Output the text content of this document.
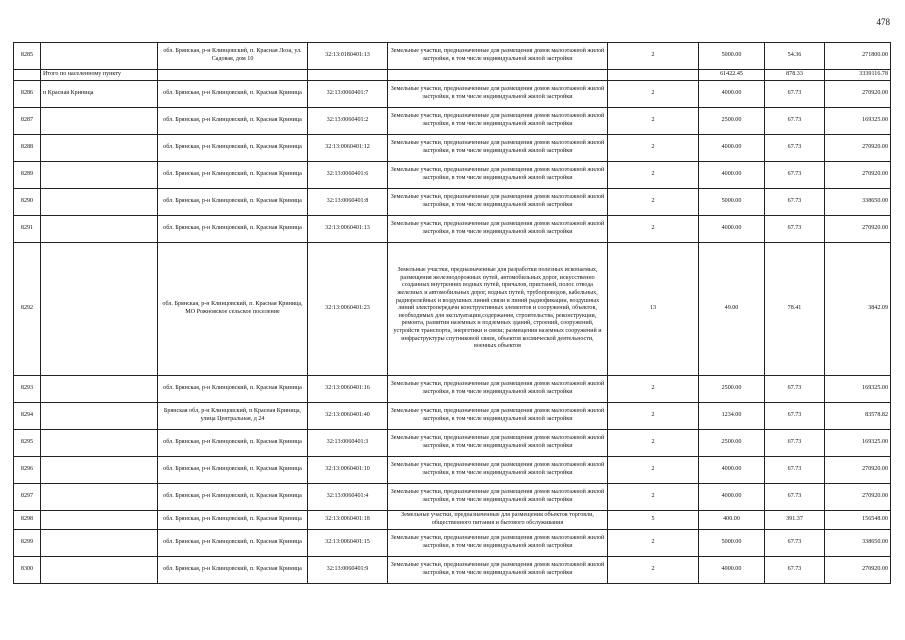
478
8285		обл. Брянская, р-н Клинцовский, п. Красная Лоза, ул. Садовая, дом 10	32:13:0180401:13	Земельные участки, предназначенные для размещения домов малоэтажной жилой застройки, в том числе индивидуальной жилой застройки	2	5000.00	54.36	271800.00
	Итого по населенному пункту					61422.45	878.33	3339116.78
8286	п Красная Криница	обл. Брянская, р-н Клинцовский, п. Красная Криница	32:13:0060401:7	Земельные участки, предназначенные для размещения домов малоэтажной жилой застройки, в том числе индивидуальной жилой застройки	2	4000.00	67.73	270920.00
8287		обл. Брянская, р-н Клинцовский, п. Красная Криница	32:13:0060401:2	Земельные участки, предназначенные для размещения домов малоэтажной жилой застройки, в том числе индивидуальной жилой застройки	2	2500.00	67.73	169325.00
8288		обл. Брянская, р-н Клинцовский, п. Красная Криница	32:13:0060401:12	Земельные участки, предназначенные для размещения домов малоэтажной жилой застройки, в том числе индивидуальной жилой застройки	2	4000.00	67.73	270920.00
8289		обл. Брянская, р-н Клинцовский, п. Красная Криница	32:13:0060401:6	Земельные участки, предназначенные для размещения домов малоэтажной жилой застройки, в том числе индивидуальной жилой застройки	2	4000.00	67.73	270920.00
8290		обл. Брянская, р-н Клинцовский, п. Красная Криница	32:13:0060401:8	Земельные участки, предназначенные для размещения домов малоэтажной жилой застройки, в том числе индивидуальной жилой застройки	2	5000.00	67.73	338650.00
8291		обл. Брянская, р-н Клинцовский, п. Красная Криница	32:13:0060401:13	Земельные участки, предназначенные для размещения домов малоэтажной жилой застройки, в том числе индивидуальной жилой застройки	2	4000.00	67.73	270920.00
8292		обл. Брянская, р-н Клинцовский, п. Красная Криница, МО Рожновское сельское поселение	32:13:0060401:23	Земельные участки, предназначенные для разработки полезных ископаемых, размещения железнодорожных путей, автомобильных дорог, искусственно созданных внутренних водных путей, причалов, пристаней, полос отвода железных и автомобильных дорог, водных путей, трубопроводов, кабельных, радиорелейных и воздушных линий связи и линий радиофикации, воздушных линий электропередачи конструктивных элементов и сооружений, объектов, необходимых для эксплуатации,содержания, строительства, реконструкции, ремонта, развития наземных и подземных зданий, строений, сооружений, устройств транспорта, энергетики и связи; размещения наземных сооружений и инфраструктуры спутниковой связи, объектов космической деятельности, военных объектов	13	49.00	78.41	3842.09
8293		обл. Брянская, р-н Клинцовский, п. Красная Криница	32:13:0060401:16	Земельные участки, предназначенные для размещения домов малоэтажной жилой застройки, в том числе индивидуальной жилой застройки	2	2500.00	67.73	169325.00
8294		Брянская обл, р-н Клинцовский, п Красная Криница, улица Центральная, д 24	32:13:0060401:40	Земельные участки, предназначенные для размещения домов малоэтажной жилой застройки, в том числе индивидуальной жилой застройки	2	1234.00	67.73	83578.82
8295		обл. Брянская, р-н Клинцовский, п. Красная Криница	32:13:0060401:3	Земельные участки, предназначенные для размещения домов малоэтажной жилой застройки, в том числе индивидуальной жилой застройки	2	2500.00	67.73	169325.00
8296		обл. Брянская, р-н Клинцовский, п. Красная Криница	32:13:0060401:10	Земельные участки, предназначенные для размещения домов малоэтажной жилой застройки, в том числе индивидуальной жилой застройки	2	4000.00	67.73	270920.00
8297		обл. Брянская, р-н Клинцовский, п. Красная Криница	32:13:0060401:4	Земельные участки, предназначенные для размещения домов малоэтажной жилой застройки, в том числе индивидуальной жилой застройки	2	4000.00	67.73	270920.00
8298		обл. Брянская, р-н Клинцовский, п. Красная Криница	32:13:0060401:18	Земельные участки, предназначенные для размещения объектов торговли, общественного питания и бытового обслуживания	5	400.00	391.37	156548.00
8299		обл. Брянская, р-н Клинцовский, п. Красная Криница	32:13:0060401:15	Земельные участки, предназначенные для размещения домов малоэтажной жилой застройки, в том числе индивидуальной жилой застройки	2	5000.00	67.73	338650.00
8300		обл. Брянская, р-н Клинцовский, п. Красная Криница	32:13:0060401:9	Земельные участки, предназначенные для размещения домов малоэтажной жилой застройки, в том числе индивидуальной жилой застройки	2	4000.00	67.73	270920.00
